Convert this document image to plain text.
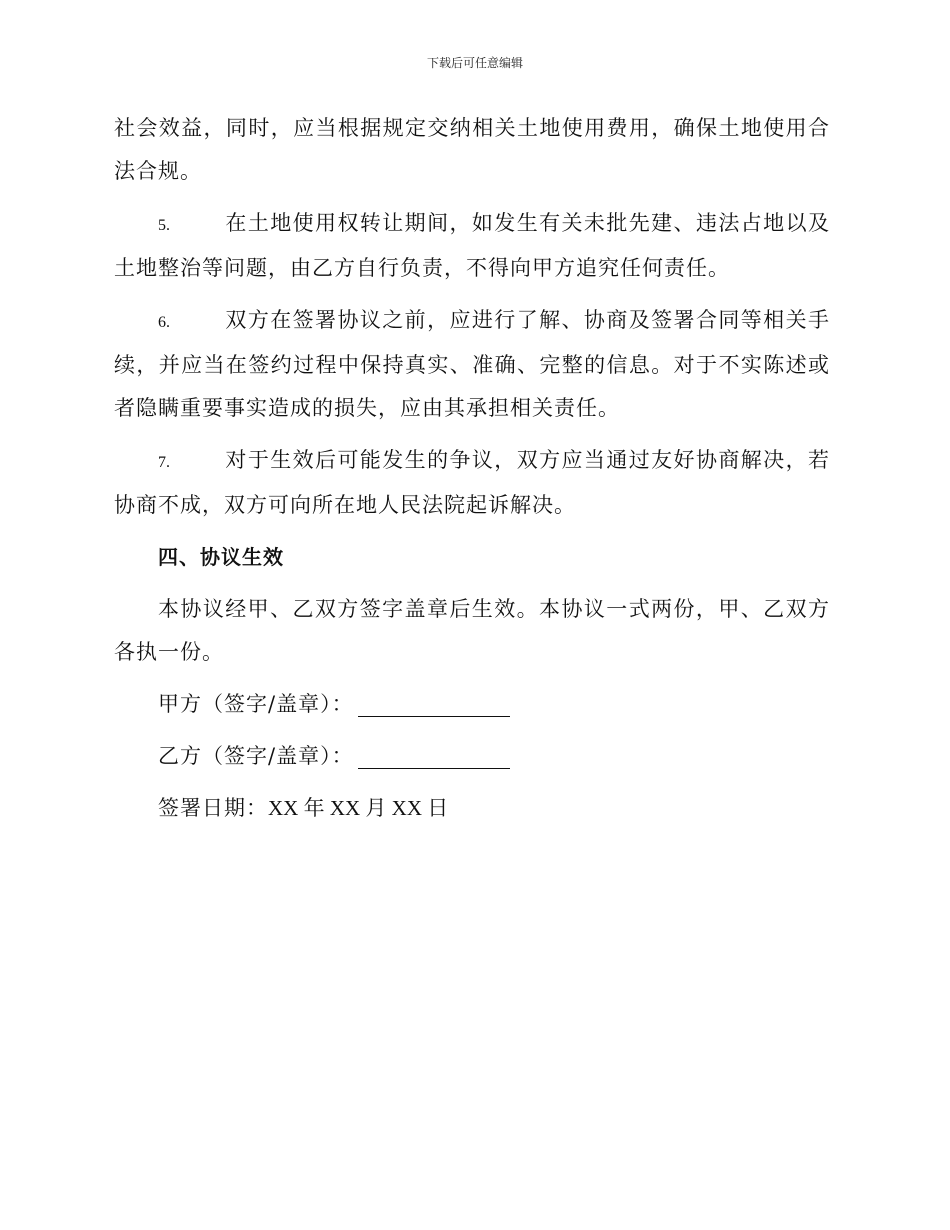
下载后可任意编辑

社会效益，同时，应当根据规定交纳相关土地使用费用，确保土地使用合法合规。

5.	在土地使用权转让期间，如发生有关未批先建、违法占地以及土地整治等问题，由乙方自行负责，不得向甲方追究任何责任。

6.	双方在签署协议之前，应进行了解、协商及签署合同等相关手续，并应当在签约过程中保持真实、准确、完整的信息。对于不实陈述或者隐瞒重要事实造成的损失，应由其承担相关责任。

7.	对于生效后可能发生的争议，双方应当通过友好协商解决，若协商不成，双方可向所在地人民法院起诉解决。

四、协议生效

本协议经甲、乙双方签字盖章后生效。本协议一式两份，甲、乙双方各执一份。

甲方（签字/盖章）：

乙方（签字/盖章）：

签署日期：XX 年 XX 月 XX 日
